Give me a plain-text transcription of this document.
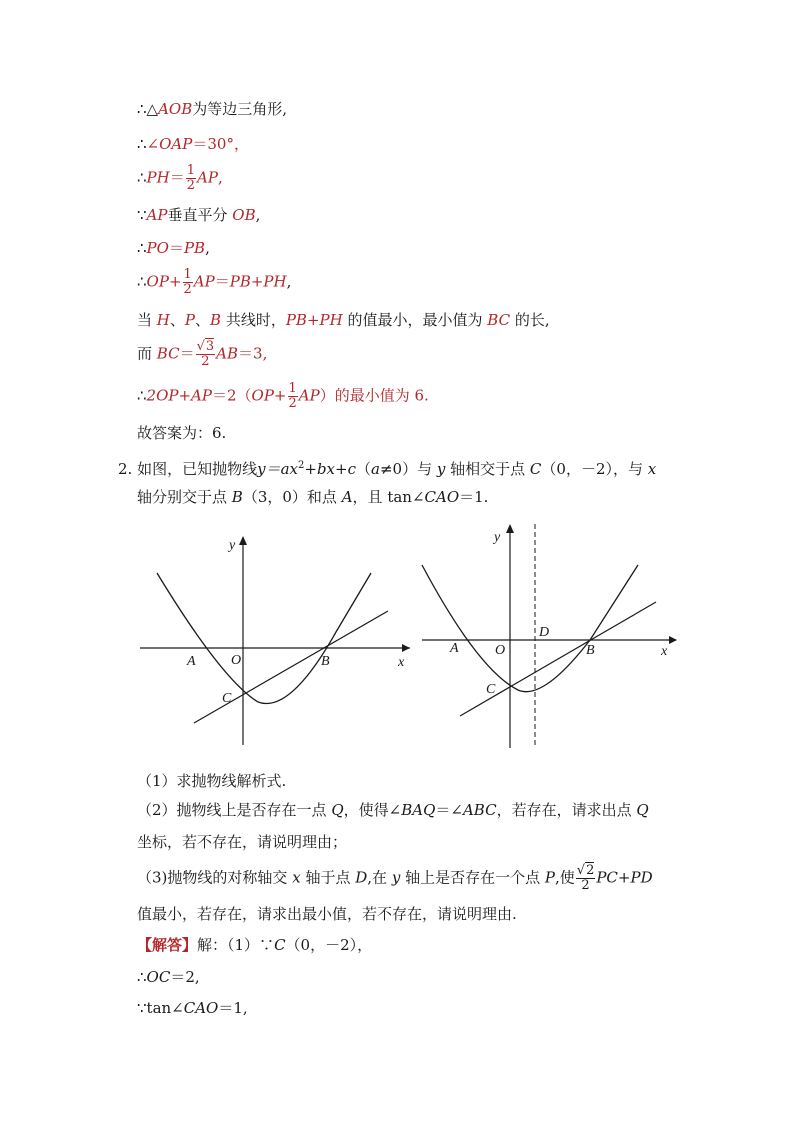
∴△AOB为等边三角形,
∴∠OAP＝30°，
∴PH＝ $\frac{1}{2}$ AP,
∵AP垂直平分 OB,
∴PO＝PB,
∴OP+ $\frac{1}{2} AP=PB+PH$,
当 H、P、B 共线时，PB+PH 的值最小，最小值为 BC 的长,
而 $BC= \frac{√3}{2} AB=3$,
∴2OP+AP＝2（OP+ $\frac{1}{2} AP$）的最小值为 6.
故答案为：6.
2. 如图，已知抛物线$y=ax^2+bx+c(a\ne 0)$与 y 轴相交于点 C（0，－2），与 x
轴分别交于点 B（3，0）和点 A，且 tan∠CAO＝1.
A	O	B
C
x
y
A	O	B
C
D
x
y
（1）求抛物线解析式.
（2）抛物线上是否存在一点 Q，使得∠BAQ＝∠ABC，若存在，请求出点 Q
坐标，若不存在，请说明理由；
（3)抛物线的对称轴交 x 轴于点 D,在 y 轴上是否存在一个点 P,使 $\frac{√2}{2} PC+PD$
值最小，若存在，请求出最小值，若不存在，请说明理由.
【解答】解：（1）∵C（0，－2），
∴OC＝2,
∵tan∠CAO＝1,
